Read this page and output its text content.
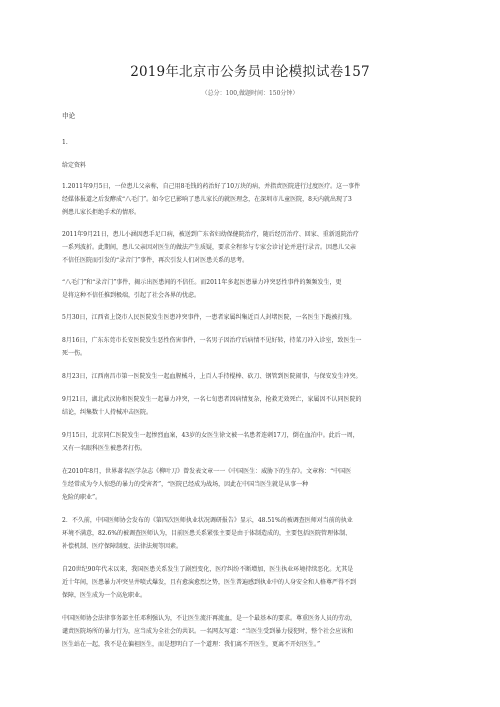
2019年北京市公务员申论模拟试卷157
（总分：100,做题时间：150分钟）
申论
1.
给定资料
1.2011年9月5日，一位患儿父亲称，自己用8毛钱的药治好了10万块的病，并指责医院进行过度医疗。这一事件
经媒体报道之后发酵成“八毛门”。如今它已影响了患儿家长的就医理念，在深圳市儿童医院，8天内就出现了3
例患儿家长拒绝手术的情形。
2011年9月21日，患儿小涵因患手足口病，被送到广东省妇幼保健院治疗，随后经历治疗、回家、重新返院治疗
一系列波折。此期间，患儿父亲因对医生的做法产生质疑，要求全程参与专家会诊讨论并进行录音。因患儿父亲
不信任医院而引发的“录音门”事件，再次引发人们对医患关系的思考。
“八毛门”和“录音门”事件，揭示出医患间的不信任。而2011年多起医患暴力冲突恶性事件的频频发生，更
是将这种不信任推到极端，引起了社会各界的忧虑。
5月30日，江西省上饶市人民医院发生医患冲突事件，一患者家属纠集近百人封堵医院，一名医生下跪被打残。
8月16日，广东东莞市长安医院发生恶性伤害事件，一名男子因治疗后病情不见好转，持菜刀冲入诊室，致医生一
死一伤。
8月23日，江西南昌市第一医院发生一起血腥械斗，上百人手持棍棒、砍刀、钢管到医院闹事，与保安发生冲突。
9月21日，湖北武汉协和医院发生一起暴力冲突，一名七旬患者因病情复杂，抢救无效死亡，家属因不认同医院的
结论，纠集数十人持械冲击医院。
9月15日，北京同仁医院发生一起惨烈血案，43岁的女医生徐文被一名患者连刺17刀，倒在血泊中。此后一周，
又有一名眼科医生被患者打伤。
在2010年8月，世界著名医学杂志《柳叶刀》曾发表文章一一《中国医生：威胁下的生存》。文章称：“中国医
生经常成为令人惊恐的暴力的受害者”，“医院已经成为战场，因此在中国当医生就是从事一种
危险的职业”。
2．不久前，中国医师协会发布的《第四次医师执业状况调研报告》显示，48.51%的被调查医师对当前的执业
环境不满意，82.6%的被调查医师认为，目前医患关系紧张主要是由于体制造成的，主要包括医院管理体制、
补偿机制、医疗保障制度、法律法规等因素。
自20世纪90年代末以来，我国医患关系发生了剧烈变化，医疗纠纷不断增加，医生执业环境持续恶化。尤其是
近十年间，医患暴力冲突呈井喷式爆发，且有愈演愈烈之势，医生普遍感到执业中的人身安全和人格尊严得不到
保障，医生成为一个高危职业。
中国医师协会法律事务部主任邓利强认为，不让医生流汗再流血，是一个最基本的要求。尊重医务人员的劳动，
谴责医院场所的暴力行为，应当成为全社会的共识。一名网友写道：“当医生受到暴力侵犯时，整个社会应该和
医生站在一起，我不是在偏袒医生，而是想明白了一个道理：我们离不开医生，更离不开好医生。”
